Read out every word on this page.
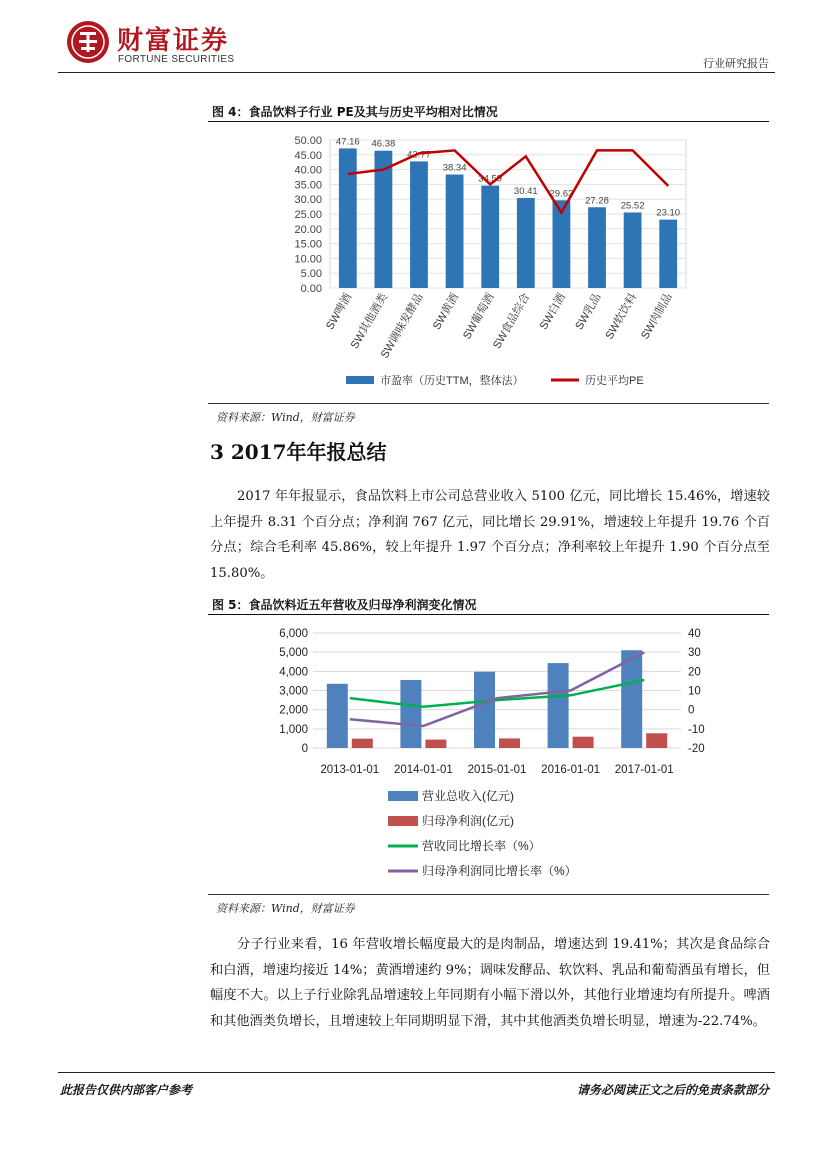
财富证券
FORTUNE SECURITIES	行业研究报告
图 4：食品饮料子行业 PE及其与历史平均相对比情况
50.00
45.00
40.00
35.00
30.00
25.00
20.00
15.00
10.00
5.00
0.00
47.16
SW啤酒
46.38
SW其他酒类
42.77
SW调味发酵品
38.34
SW黄酒
34.59
SW葡萄酒
30.41
SW食品综合
29.63
SW白酒
27.28
SW乳品
25.52
SW软饮料
23.10
SW肉制品
市盈率（历史TTM，整体法）	历史平均PE
资料来源：Wind，财富证券
3 2017年年报总结
2017 年年报显示，食品饮料上市公司总营业收入 5100 亿元，同比增长 15.46%，增速较上年提升 8.31 个百分点；净利润 767 亿元，同比增长 29.91%，增速较上年提升 19.76 个百分点；综合毛利率 45.86%，较上年提升 1.97 个百分点；净利率较上年提升 1.90 个百分点至 15.80%。
图 5：食品饮料近五年营收及归母净利润变化情况
6,000
5,000
4,000
3,000
2,000
1,000
0
40
30
20
10
0
-10
-20
2013-01-01 2014-01-01 2015-01-01 2016-01-01 2017-01-01
营业总收入(亿元)
归母净利润(亿元)
营收同比增长率（%）
归母净利润同比增长率（%）
资料来源：Wind，财富证券
分子行业来看，16 年营收增长幅度最大的是肉制品，增速达到 19.41%；其次是食品综合和白酒，增速均接近 14%；黄酒增速约 9%；调味发酵品、软饮料、乳品和葡萄酒虽有增长，但幅度不大。以上子行业除乳品增速较上年同期有小幅下滑以外，其他行业增速均有所提升。啤酒和其他酒类负增长，且增速较上年同期明显下滑，其中其他酒类负增长明显，增速为-22.74%。
此报告仅供内部客户参考	请务必阅读正文之后的免责条款部分
